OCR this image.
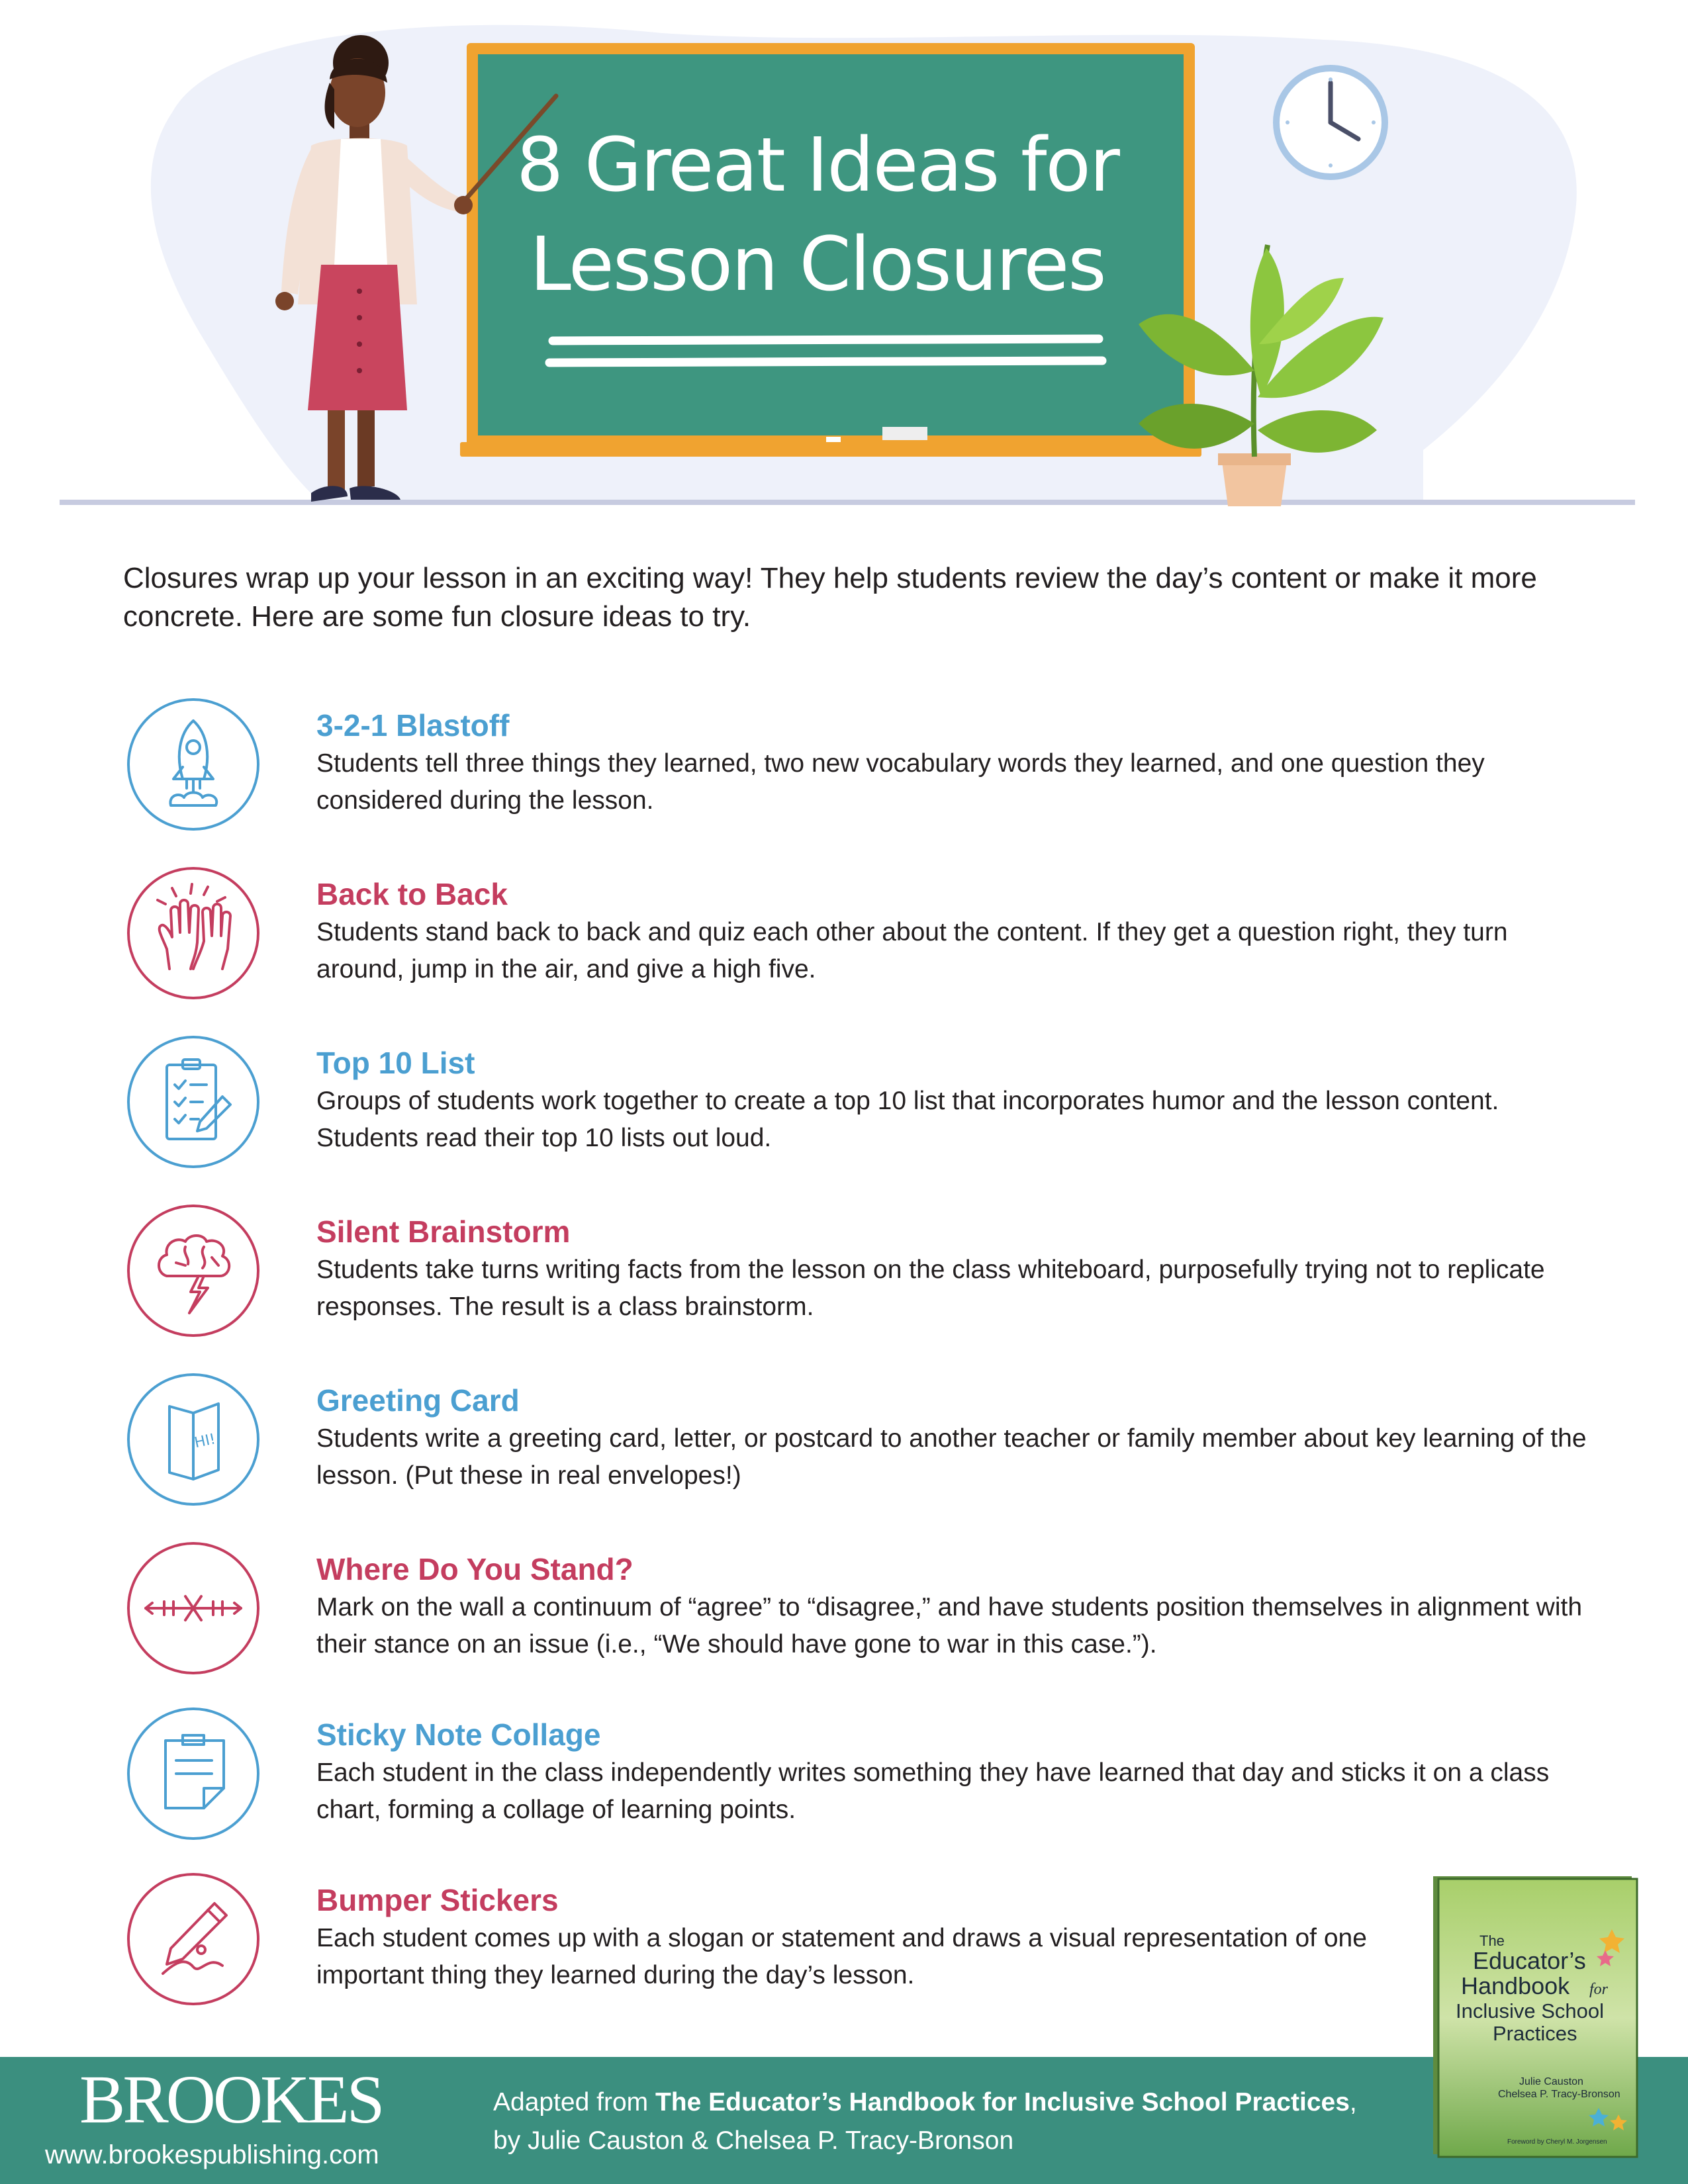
8 Great Ideas for
Lesson Closures
Closures wrap up your lesson in an exciting way! They help students review the day’s content or make it more concrete. Here are some fun closure ideas to try.
3-2-1 Blastoff
Students tell three things they learned, two new vocabulary words they learned, and one question they considered during the lesson.
Back to Back
Students stand back to back and quiz each other about the content. If they get a question right, they turn around, jump in the air, and give a high five.
Top 10 List
Groups of students work together to create a top 10 list that incorporates humor and the lesson content. Students read their top 10 lists out loud.
Silent Brainstorm
Students take turns writing facts from the lesson on the class whiteboard, purposefully trying not to replicate responses. The result is a class brainstorm.
HI!
Greeting Card
Students write a greeting card, letter, or postcard to another teacher or family member about key learning of the lesson. (Put these in real envelopes!)
Where Do You Stand?
Mark on the wall a continuum of “agree” to “disagree,” and have students position themselves in alignment with their stance on an issue (i.e., “We should have gone to war in this case.”).
Sticky Note Collage
Each student in the class independently writes something they have learned that day and sticks it on a class chart, forming a collage of learning points.
Bumper Stickers
Each student comes up with a slogan or statement and draws a visual representation of one important thing they learned during the day’s lesson.
BROOKES
www.brookespublishing.com
Adapted from The Educator’s Handbook for Inclusive School Practices,
by Julie Causton & Chelsea P. Tracy-Bronson
The
Educator’s
Handbook for
Inclusive School
Practices
Julie Causton
Chelsea P. Tracy-Bronson
Foreword by Cheryl M. Jorgensen
